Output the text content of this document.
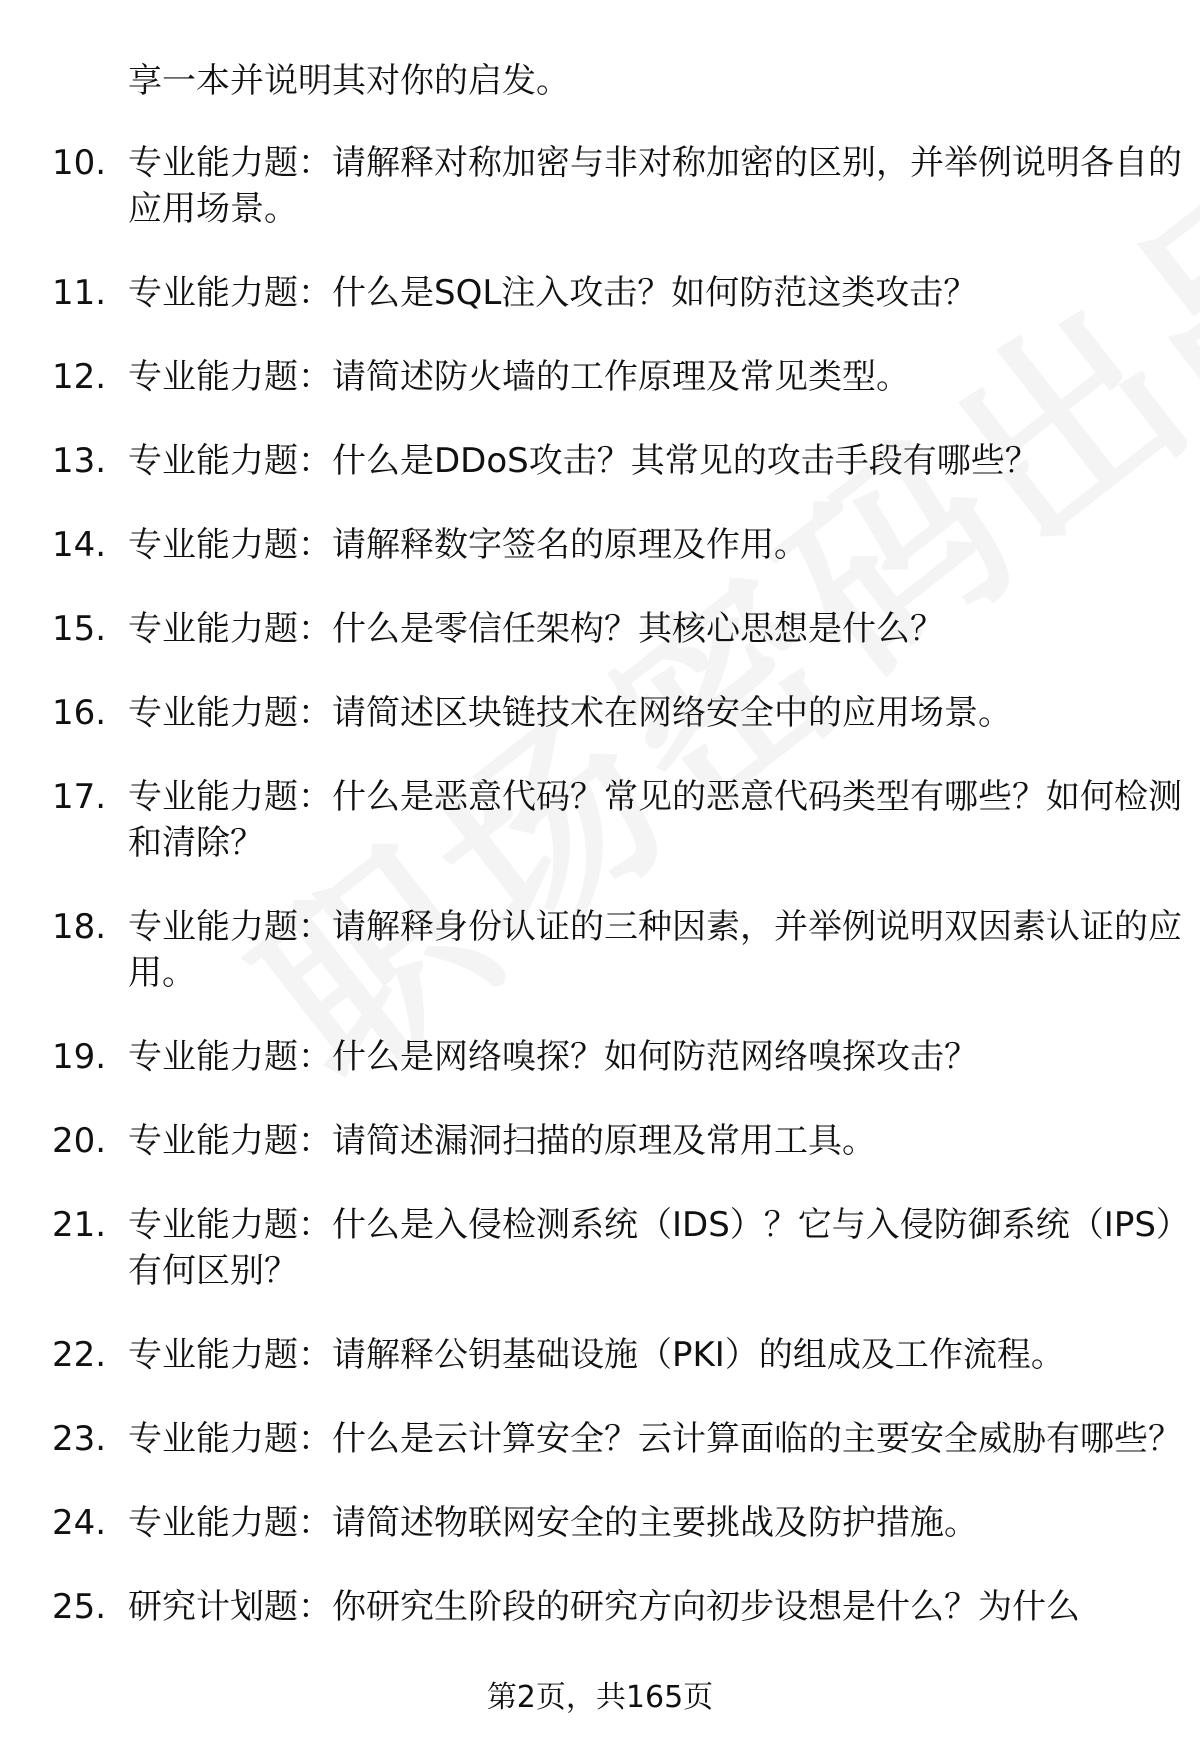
享一本并说明其对你的启发。
10. 专业能力题：请解释对称加密与非对称加密的区别，并举例说明各自的应用场景。
11. 专业能力题：什么是SQL注入攻击？如何防范这类攻击？
12. 专业能力题：请简述防火墙的工作原理及常见类型。
13. 专业能力题：什么是DDoS攻击？其常见的攻击手段有哪些？
14. 专业能力题：请解释数字签名的原理及作用。
15. 专业能力题：什么是零信任架构？其核心思想是什么？
16. 专业能力题：请简述区块链技术在网络安全中的应用场景。
17. 专业能力题：什么是恶意代码？常见的恶意代码类型有哪些？如何检测和清除？
18. 专业能力题：请解释身份认证的三种因素，并举例说明双因素认证的应用。
19. 专业能力题：什么是网络嗅探？如何防范网络嗅探攻击？
20. 专业能力题：请简述漏洞扫描的原理及常用工具。
21. 专业能力题：什么是入侵检测系统（IDS）？它与入侵防御系统（IPS）有何区别？
22. 专业能力题：请解释公钥基础设施（PKI）的组成及工作流程。
23. 专业能力题：什么是云计算安全？云计算面临的主要安全威胁有哪些？
24. 专业能力题：请简述物联网安全的主要挑战及防护措施。
25. 研究计划题：你研究生阶段的研究方向初步设想是什么？为什么
第2页，共165页
